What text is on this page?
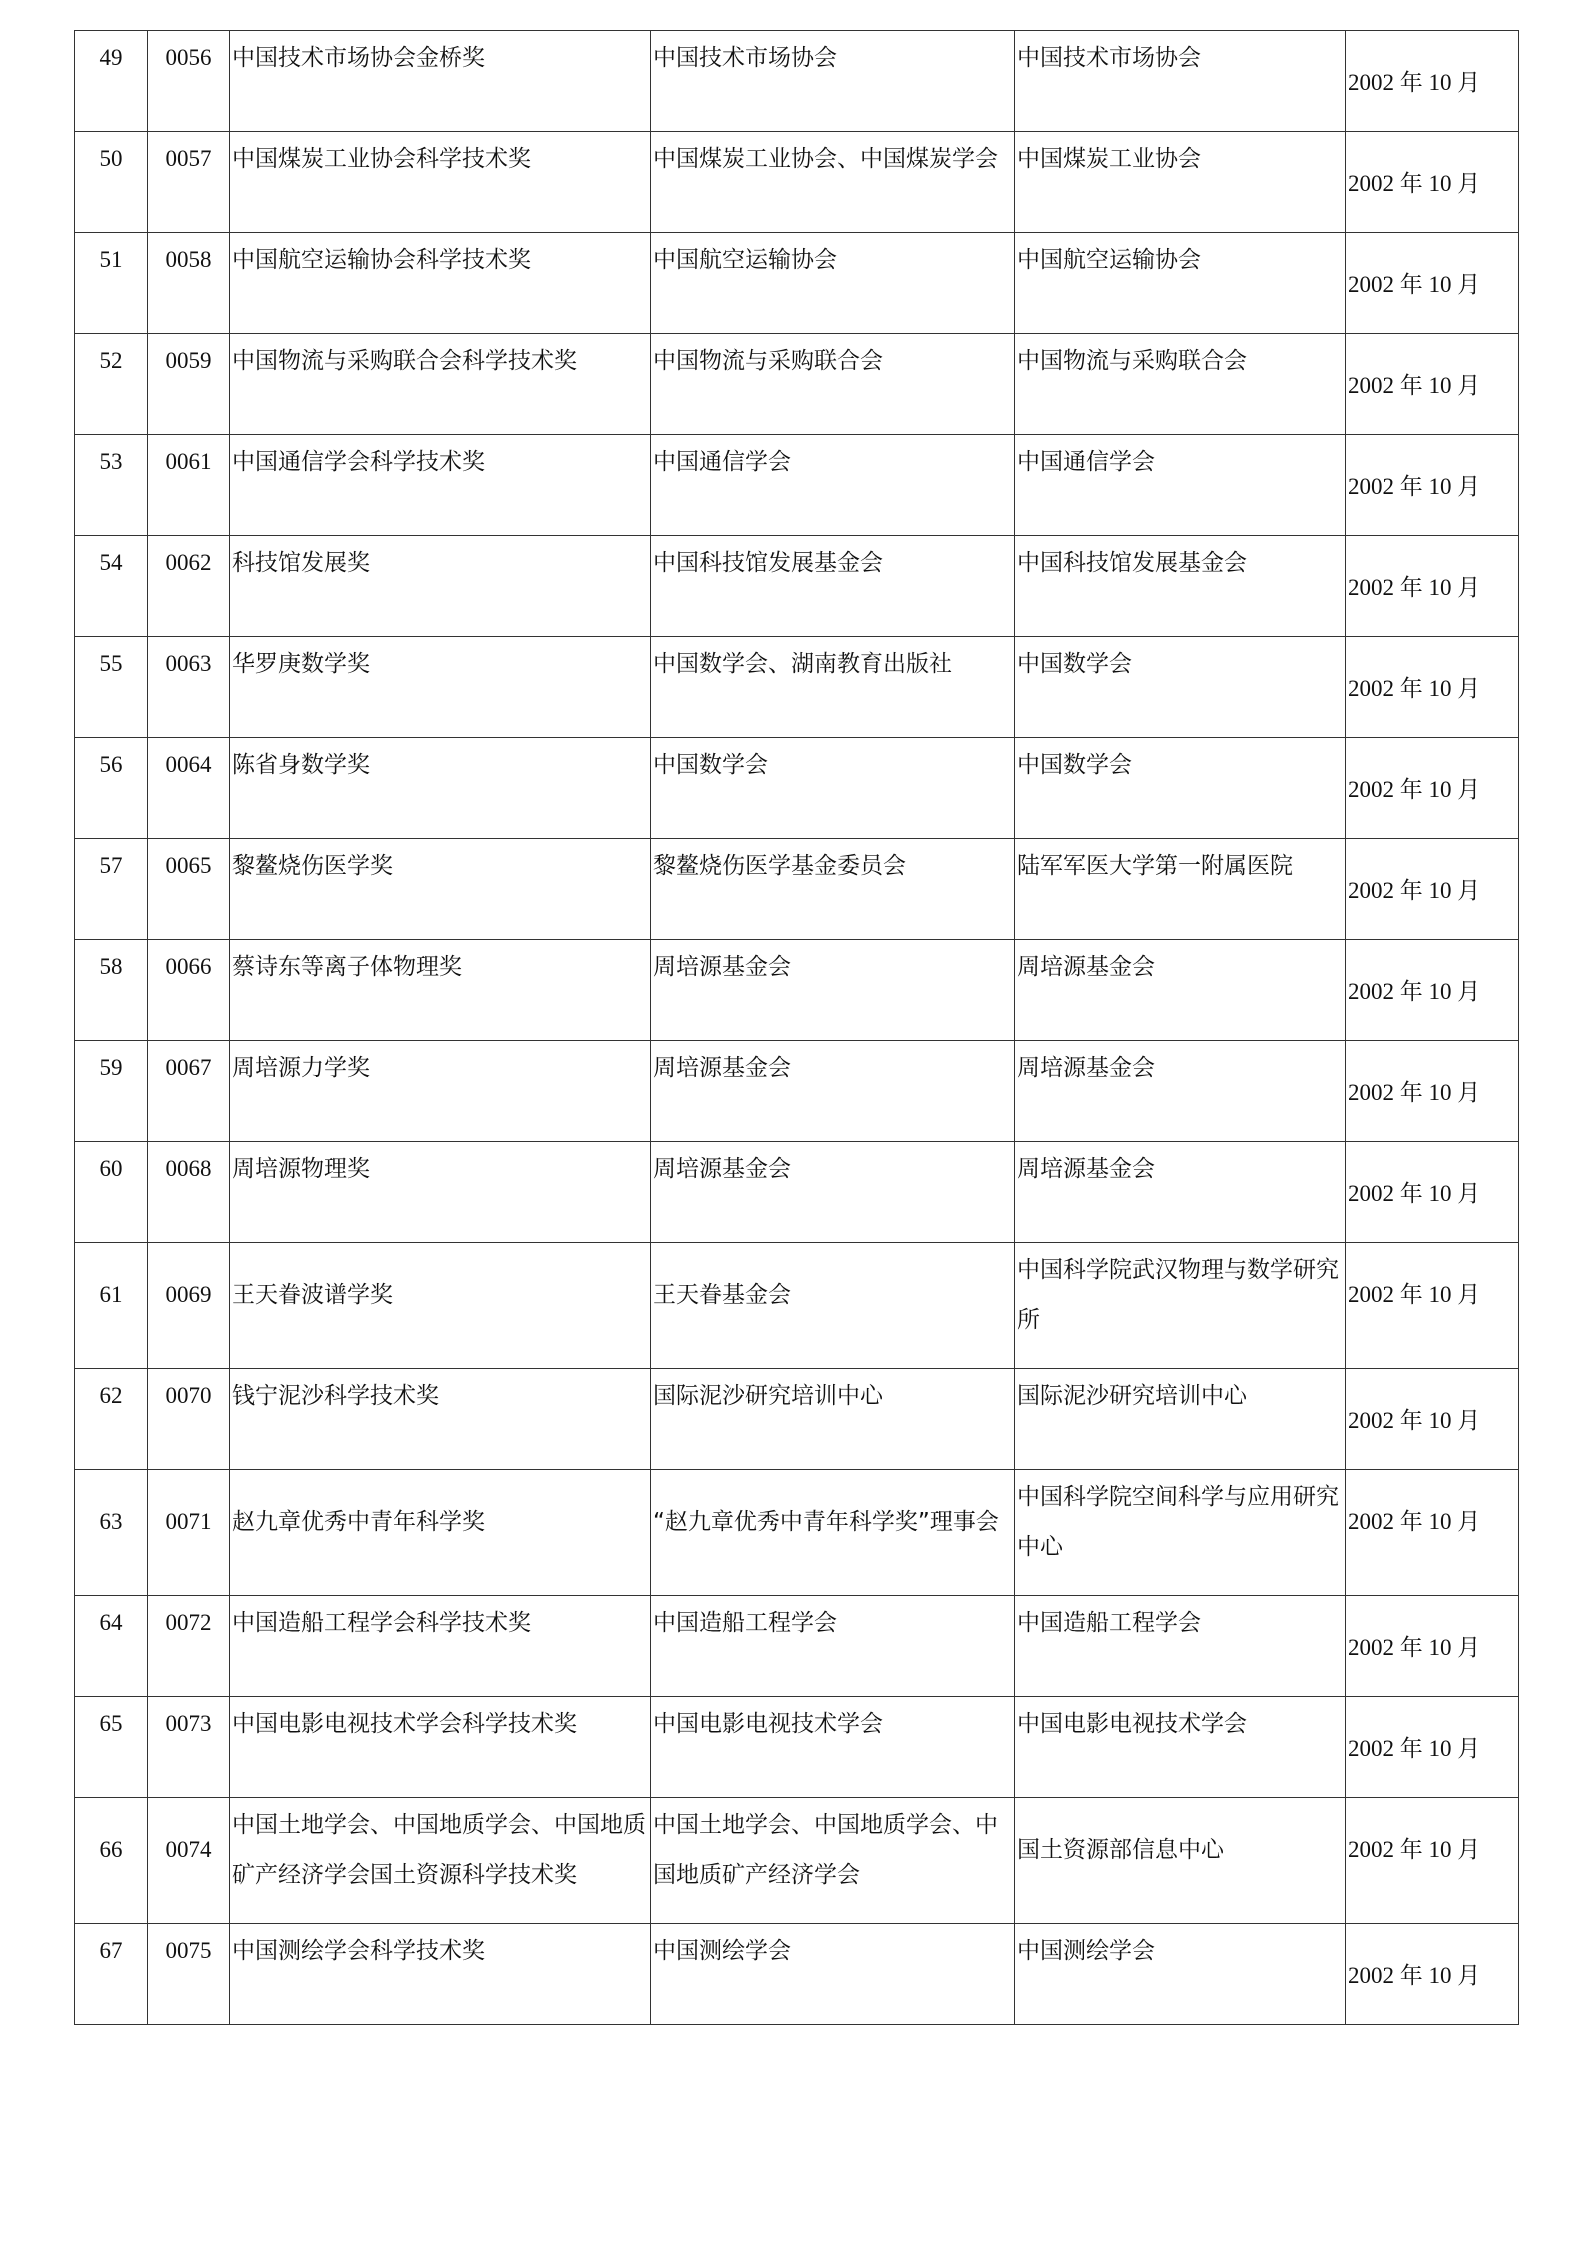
49	0056	中国技术市场协会金桥奖	中国技术市场协会	中国技术市场协会	2002 年 10 月
50	0057	中国煤炭工业协会科学技术奖	中国煤炭工业协会、中国煤炭学会	中国煤炭工业协会	2002 年 10 月
51	0058	中国航空运输协会科学技术奖	中国航空运输协会	中国航空运输协会	2002 年 10 月
52	0059	中国物流与采购联合会科学技术奖	中国物流与采购联合会	中国物流与采购联合会	2002 年 10 月
53	0061	中国通信学会科学技术奖	中国通信学会	中国通信学会	2002 年 10 月
54	0062	科技馆发展奖	中国科技馆发展基金会	中国科技馆发展基金会	2002 年 10 月
55	0063	华罗庚数学奖	中国数学会、湖南教育出版社	中国数学会	2002 年 10 月
56	0064	陈省身数学奖	中国数学会	中国数学会	2002 年 10 月
57	0065	黎鳌烧伤医学奖	黎鳌烧伤医学基金委员会	陆军军医大学第一附属医院	2002 年 10 月
58	0066	蔡诗东等离子体物理奖	周培源基金会	周培源基金会	2002 年 10 月
59	0067	周培源力学奖	周培源基金会	周培源基金会	2002 年 10 月
60	0068	周培源物理奖	周培源基金会	周培源基金会	2002 年 10 月
61	0069	王天眷波谱学奖	王天眷基金会	中国科学院武汉物理与数学研究所	2002 年 10 月
62	0070	钱宁泥沙科学技术奖	国际泥沙研究培训中心	国际泥沙研究培训中心	2002 年 10 月
63	0071	赵九章优秀中青年科学奖	“赵九章优秀中青年科学奖”理事会	中国科学院空间科学与应用研究中心	2002 年 10 月
64	0072	中国造船工程学会科学技术奖	中国造船工程学会	中国造船工程学会	2002 年 10 月
65	0073	中国电影电视技术学会科学技术奖	中国电影电视技术学会	中国电影电视技术学会	2002 年 10 月
66	0074	中国土地学会、中国地质学会、中国地质矿产经济学会国土资源科学技术奖	中国土地学会、中国地质学会、中国地质矿产经济学会	国土资源部信息中心	2002 年 10 月
67	0075	中国测绘学会科学技术奖	中国测绘学会	中国测绘学会	2002 年 10 月
